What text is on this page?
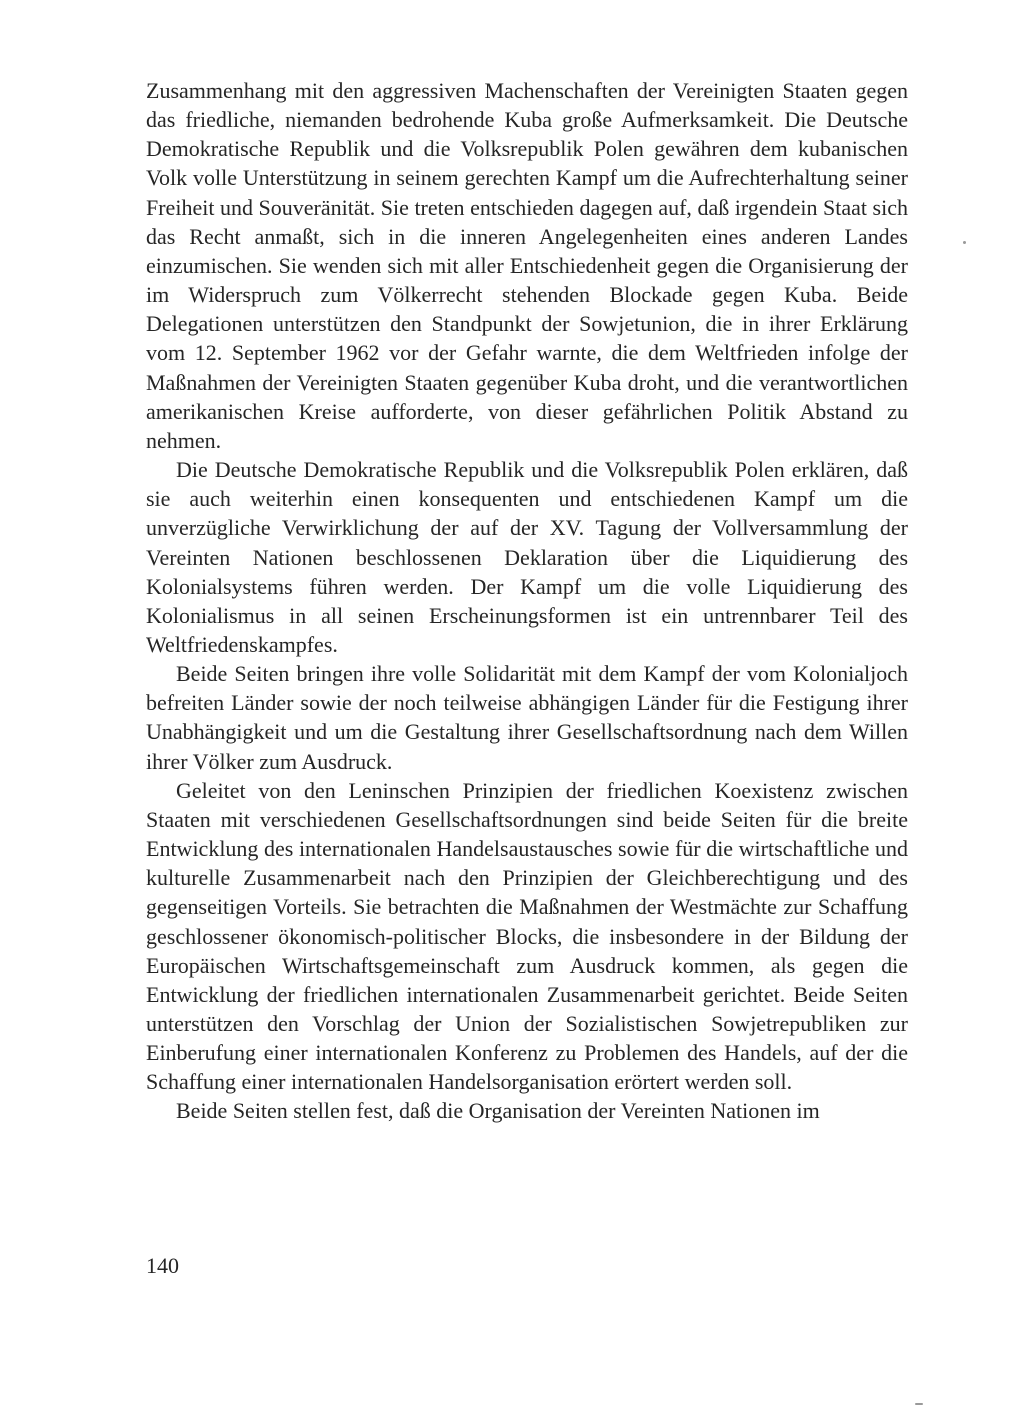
Zusammenhang mit den aggressiven Machenschaften der Vereinigten Staaten gegen das friedliche, niemanden bedrohende Kuba große Aufmerksamkeit. Die Deutsche Demokratische Republik und die Volksrepublik Polen gewähren dem kubanischen Volk volle Unterstützung in seinem gerechten Kampf um die Aufrechterhaltung seiner Freiheit und Souveränität. Sie treten entschieden dagegen auf, daß irgendein Staat sich das Recht anmaßt, sich in die inneren Angelegenheiten eines anderen Landes einzumischen. Sie wenden sich mit aller Entschiedenheit gegen die Organisierung der im Widerspruch zum Völkerrecht stehenden Blockade gegen Kuba. Beide Delegationen unterstützen den Standpunkt der Sowjetunion, die in ihrer Erklärung vom 12. September 1962 vor der Gefahr warnte, die dem Weltfrieden infolge der Maßnahmen der Vereinigten Staaten gegenüber Kuba droht, und die verantwortlichen amerikanischen Kreise aufforderte, von dieser gefährlichen Politik Abstand zu nehmen.

Die Deutsche Demokratische Republik und die Volksrepublik Polen erklären, daß sie auch weiterhin einen konsequenten und entschiedenen Kampf um die unverzügliche Verwirklichung der auf der XV. Tagung der Vollversammlung der Vereinten Nationen beschlossenen Deklaration über die Liquidierung des Kolonialsystems führen werden. Der Kampf um die volle Liquidierung des Kolonialismus in all seinen Erscheinungsformen ist ein untrennbarer Teil des Weltfriedenskampfes.

Beide Seiten bringen ihre volle Solidarität mit dem Kampf der vom Kolonialjoch befreiten Länder sowie der noch teilweise abhängigen Länder für die Festigung ihrer Unabhängigkeit und um die Gestaltung ihrer Gesellschaftsordnung nach dem Willen ihrer Völker zum Ausdruck.

Geleitet von den Leninschen Prinzipien der friedlichen Koexistenz zwischen Staaten mit verschiedenen Gesellschaftsordnungen sind beide Seiten für die breite Entwicklung des internationalen Handelsaustausches sowie für die wirtschaftliche und kulturelle Zusammenarbeit nach den Prinzipien der Gleichberechtigung und des gegenseitigen Vorteils. Sie betrachten die Maßnahmen der Westmächte zur Schaffung geschlossener ökonomisch-politischer Blocks, die insbesondere in der Bildung der Europäischen Wirtschaftsgemeinschaft zum Ausdruck kommen, als gegen die Entwicklung der friedlichen internationalen Zusammenarbeit gerichtet. Beide Seiten unterstützen den Vorschlag der Union der Sozialistischen Sowjetrepubliken zur Einberufung einer internationalen Konferenz zu Problemen des Handels, auf der die Schaffung einer internationalen Handelsorganisation erörtert werden soll.

Beide Seiten stellen fest, daß die Organisation der Vereinten Nationen im

140
